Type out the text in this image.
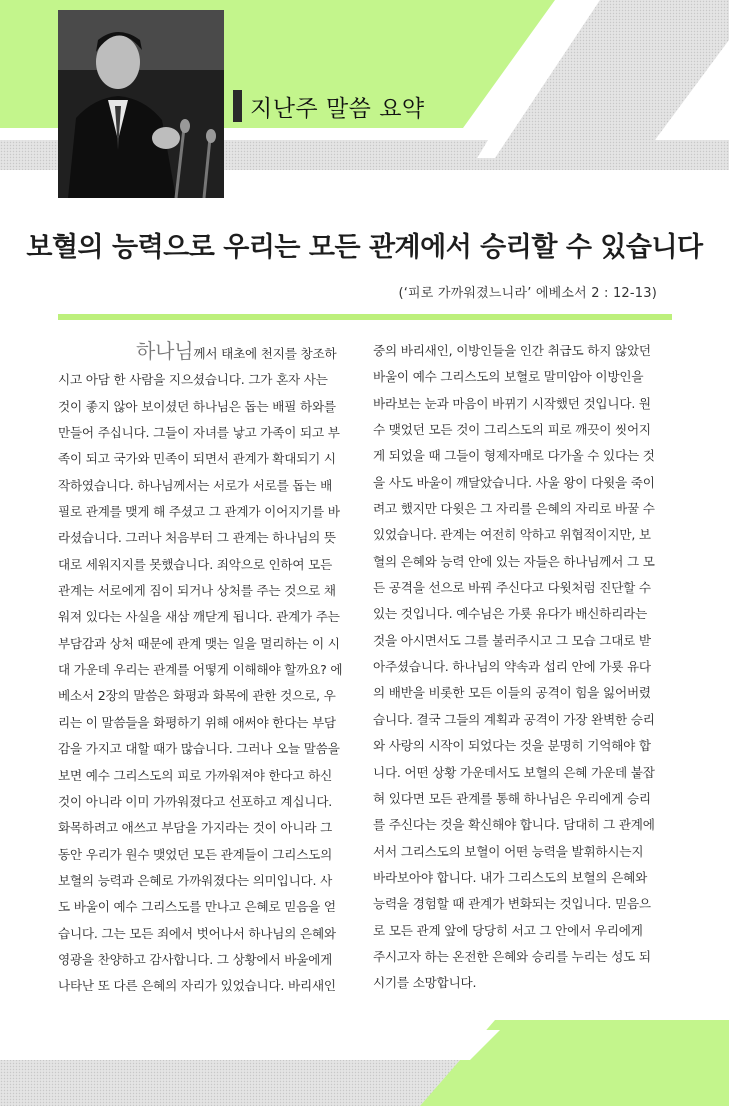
지난주 말씀 요약
보혈의 능력으로 우리는 모든 관계에서 승리할 수 있습니다
(‘피로 가까워졌느니라’ 에베소서 2 : 12-13)

하나님께서 태초에 천지를 창조하

시고 아담 한 사람을 지으셨습니다. 그가 혼자 사는

것이 좋지 않아 보이셨던 하나님은 돕는 배필 하와를

만들어 주십니다. 그들이 자녀를 낳고 가족이 되고 부

족이 되고 국가와 민족이 되면서 관계가 확대되기 시

작하였습니다. 하나님께서는 서로가 서로를 돕는 배

필로 관계를 맺게 해 주셨고 그 관계가 이어지기를 바

라셨습니다. 그러나 처음부터 그 관계는 하나님의 뜻

대로 세워지지를 못했습니다. 죄악으로 인하여 모든

관계는 서로에게 짐이 되거나 상처를 주는 것으로 채

워져 있다는 사실을 새삼 깨닫게 됩니다. 관계가 주는

부담감과 상처 때문에 관계 맺는 일을 멀리하는 이 시

대 가운데 우리는 관계를 어떻게 이해해야 할까요? 에

베소서 2장의 말씀은 화평과 화목에 관한 것으로, 우

리는 이 말씀들을 화평하기 위해 애써야 한다는 부담

감을 가지고 대할 때가 많습니다. 그러나 오늘 말씀을

보면 예수 그리스도의 피로 가까워져야 한다고 하신

것이 아니라 이미 가까워졌다고 선포하고 계십니다.

화목하려고 애쓰고 부담을 가지라는 것이 아니라 그

동안 우리가 원수 맺었던 모든 관계들이 그리스도의

보혈의 능력과 은혜로 가까워졌다는 의미입니다. 사

도 바울이 예수 그리스도를 만나고 은혜로 믿음을 얻

습니다. 그는 모든 죄에서 벗어나서 하나님의 은혜와

영광을 찬양하고 감사합니다. 그 상황에서 바울에게

나타난 또 다른 은혜의 자리가 있었습니다. 바리새인

중의 바리새인, 이방인들을 인간 취급도 하지 않았던

바울이 예수 그리스도의 보혈로 말미암아 이방인을

바라보는 눈과 마음이 바뀌기 시작했던 것입니다. 원

수 맺었던 모든 것이 그리스도의 피로 깨끗이 씻어지

게 되었을 때 그들이 형제자매로 다가올 수 있다는 것

을 사도 바울이 깨달았습니다. 사울 왕이 다윗을 죽이

려고 했지만 다윗은 그 자리를 은혜의 자리로 바꿀 수

있었습니다. 관계는 여전히 악하고 위협적이지만, 보

혈의 은혜와 능력 안에 있는 자들은 하나님께서 그 모

든 공격을 선으로 바꿔 주신다고 다윗처럼 진단할 수

있는 것입니다. 예수님은 가룟 유다가 배신하리라는

것을 아시면서도 그를 불러주시고 그 모습 그대로 받

아주셨습니다. 하나님의 약속과 섭리 안에 가룟 유다

의 배반을 비롯한 모든 이들의 공격이 힘을 잃어버렸

습니다. 결국 그들의 계획과 공격이 가장 완벽한 승리

와 사랑의 시작이 되었다는 것을 분명히 기억해야 합

니다. 어떤 상황 가운데서도 보혈의 은혜 가운데 붙잡

혀 있다면 모든 관계를 통해 하나님은 우리에게 승리

를 주신다는 것을 확신해야 합니다. 담대히 그 관계에

서서 그리스도의 보혈이 어떤 능력을 발휘하시는지

바라보아야 합니다. 내가 그리스도의 보혈의 은혜와

능력을 경험할 때 관계가 변화되는 것입니다. 믿음으

로 모든 관계 앞에 당당히 서고 그 안에서 우리에게

주시고자 하는 온전한 은혜와 승리를 누리는 성도 되

시기를 소망합니다.
